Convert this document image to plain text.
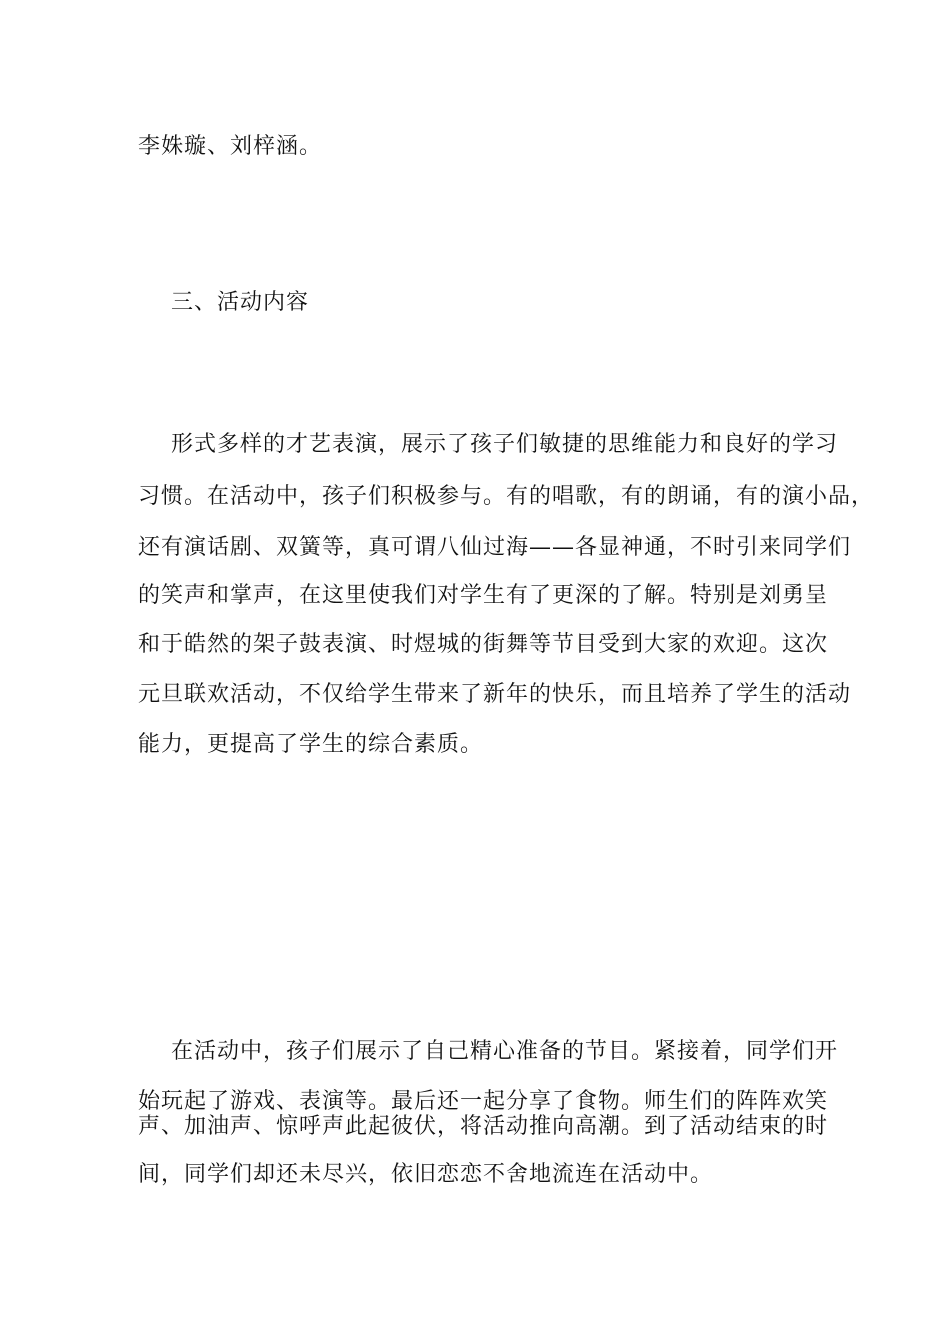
李姝璇、刘梓涵。
三、活动内容
形式多样的才艺表演，展示了孩子们敏捷的思维能力和良好的学习
习惯。在活动中，孩子们积极参与。有的唱歌，有的朗诵，有的演小品，
还有演话剧、双簧等，真可谓八仙过海——各显神通，不时引来同学们
的笑声和掌声，在这里使我们对学生有了更深的了解。特别是刘勇呈
和于皓然的架子鼓表演、时煜城的街舞等节目受到大家的欢迎。这次
元旦联欢活动，不仅给学生带来了新年的快乐，而且培养了学生的活动
能力，更提高了学生的综合素质。
在活动中，孩子们展示了自己精心准备的节目。紧接着，同学们开
始玩起了游戏、表演等。最后还一起分享了食物。师生们的阵阵欢笑
声、加油声、惊呼声此起彼伏，将活动推向高潮。到了活动结束的时
间，同学们却还未尽兴，依旧恋恋不舍地流连在活动中。
